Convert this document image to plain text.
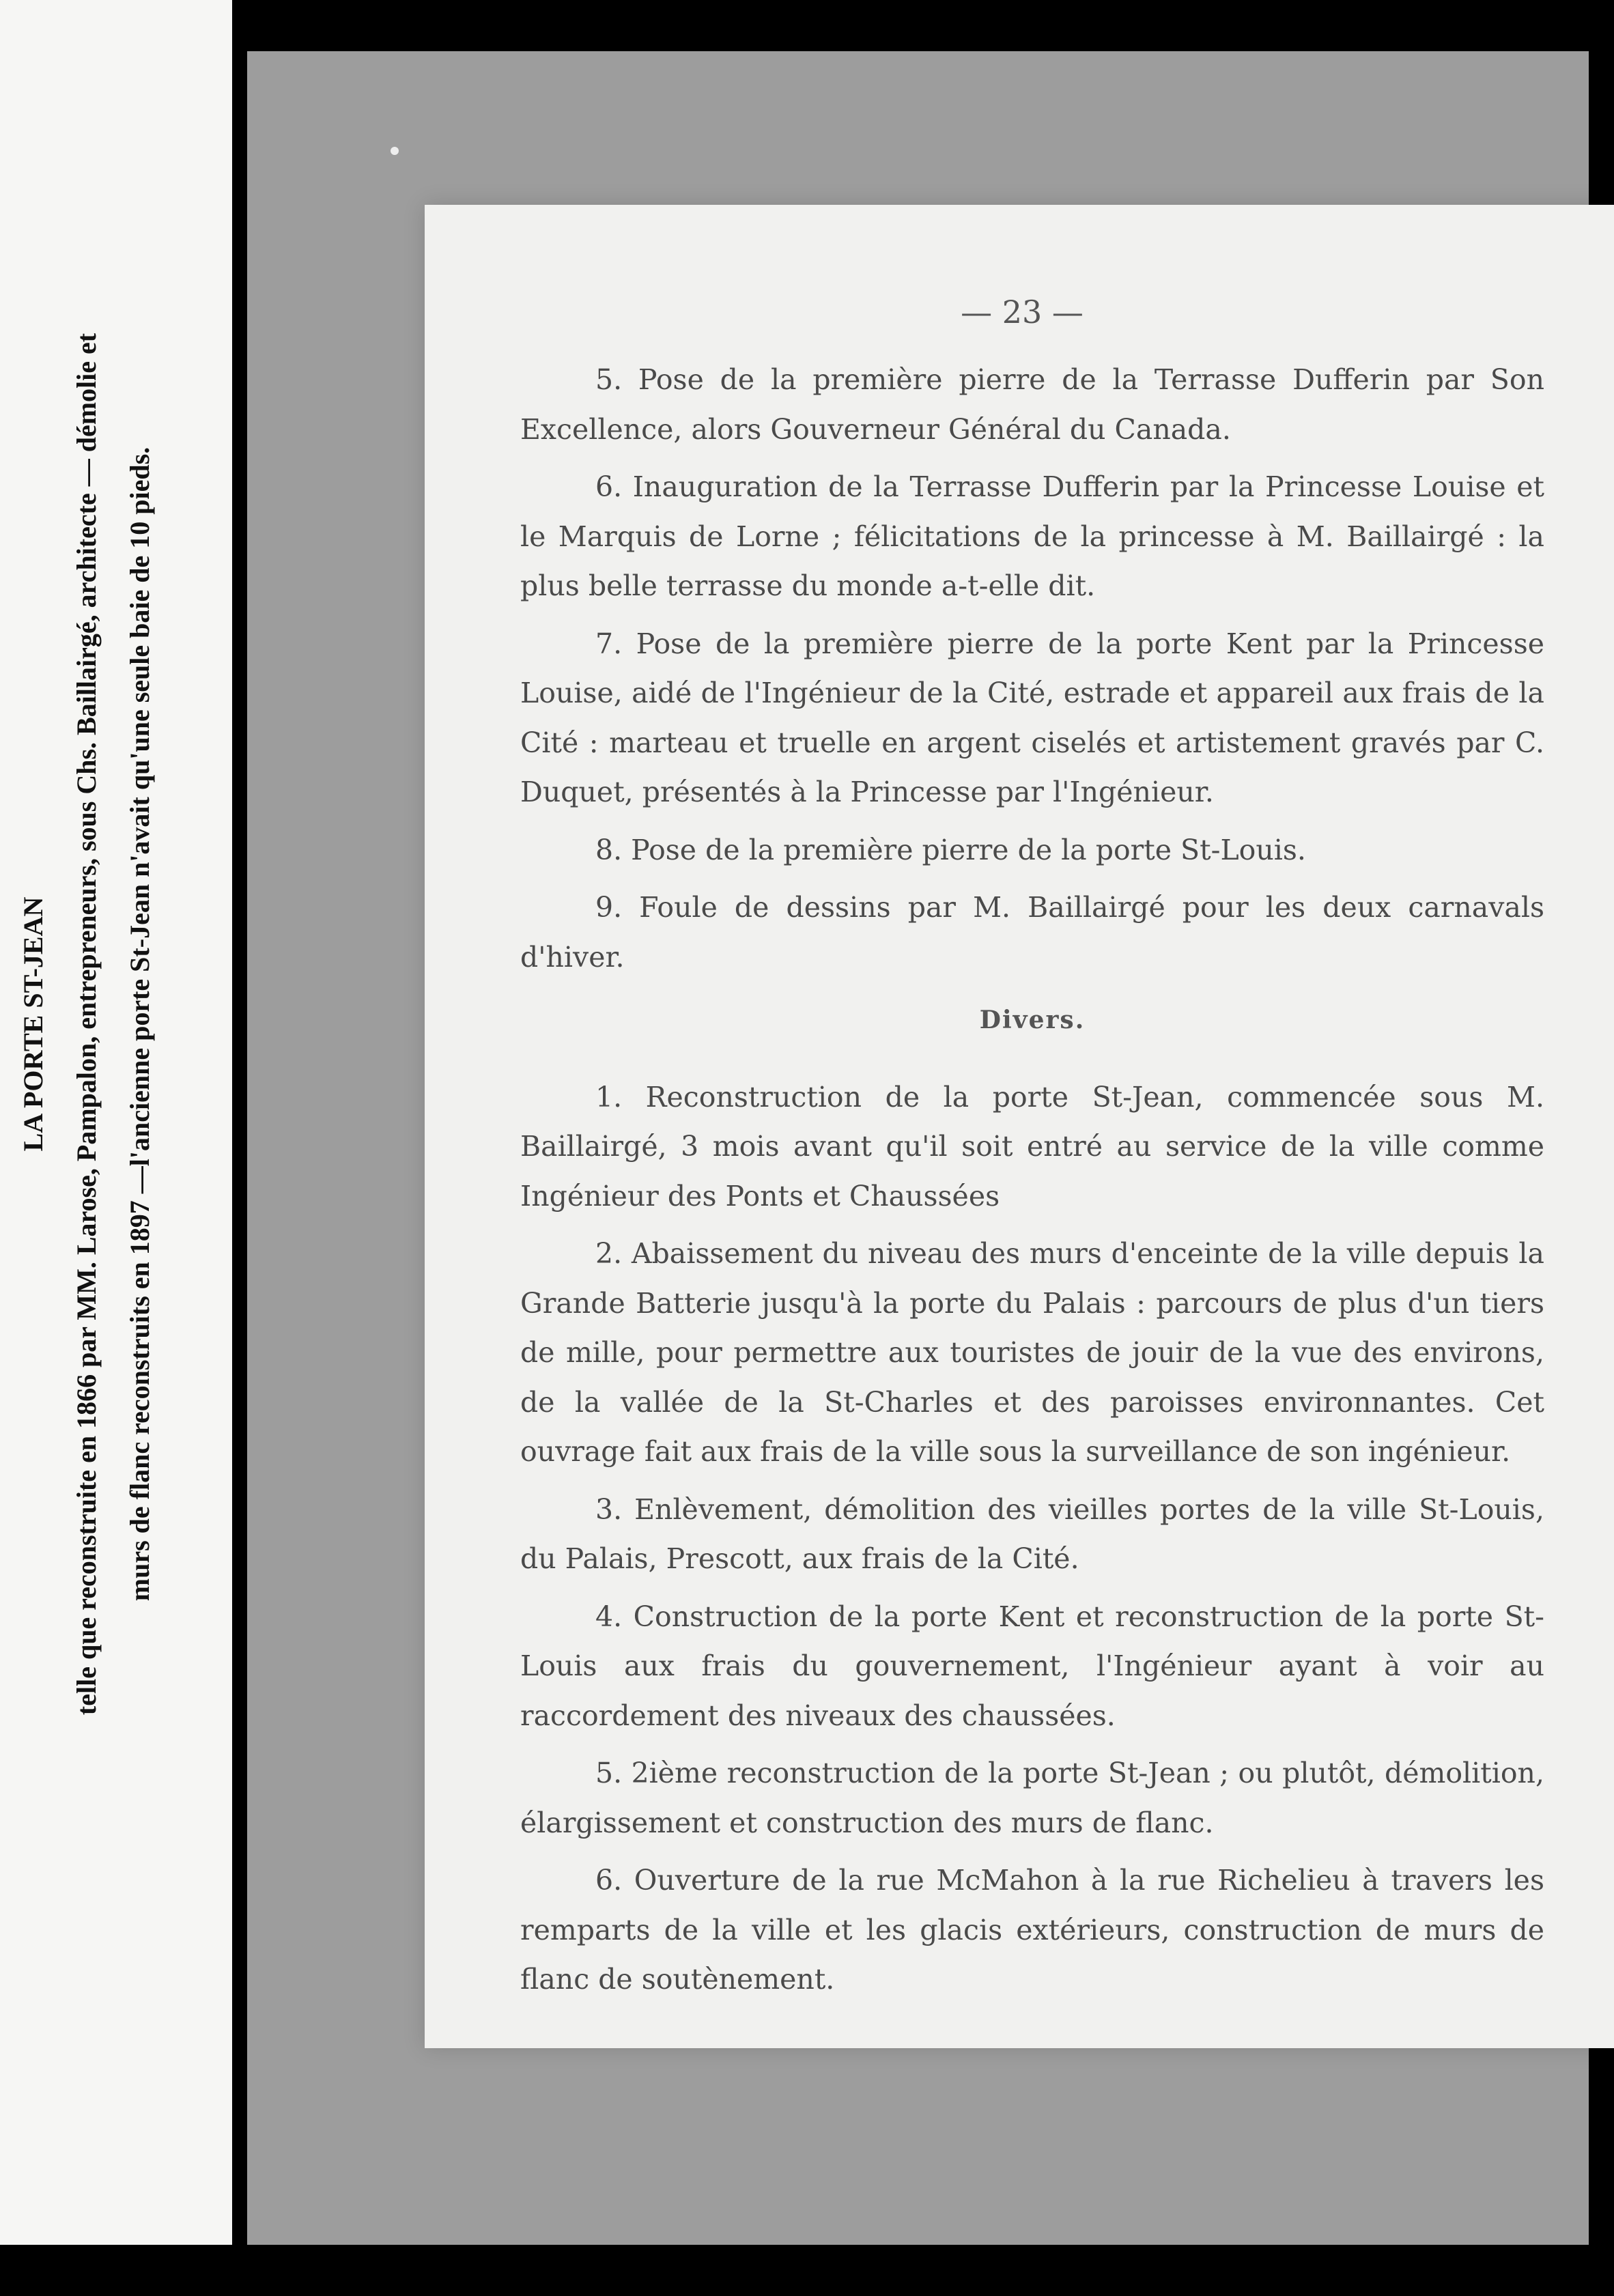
LA PORTE ST-JEAN telle que reconstruite en 1866 par MM. Larose, Pampalon, entrepreneurs, sous Chs. Baillairgé, architecte — démolie et murs de flanc reconstruits en 1897 —l'ancienne porte St-Jean n'avait qu'une seule baie de 10 pieds.
— 23 —

5. Pose de la première pierre de la Terrasse Dufferin par Son Excellence, alors Gouverneur Général du Canada.

6. Inauguration de la Terrasse Dufferin par la Princesse Louise et le Marquis de Lorne ; félicitations de la princesse à M. Baillairgé : la plus belle terrasse du monde a-t-elle dit.

7. Pose de la première pierre de la porte Kent par la Princesse Louise, aidé de l'Ingénieur de la Cité, estrade et appareil aux frais de la Cité : marteau et truelle en argent ciselés et artistement gravés par C. Duquet, présentés à la Princesse par l'Ingénieur.

8. Pose de la première pierre de la porte St-Louis.

9. Foule de dessins par M. Baillairgé pour les deux carnavals d'hiver.

Divers.

1. Reconstruction de la porte St-Jean, commencée sous M. Baillairgé, 3 mois avant qu'il soit entré au service de la ville comme Ingénieur des Ponts et Chaussées

2. Abaissement du niveau des murs d'enceinte de la ville depuis la Grande Batterie jusqu'à la porte du Palais : parcours de plus d'un tiers de mille, pour permettre aux touristes de jouir de la vue des environs, de la vallée de la St-Charles et des paroisses environnantes. Cet ouvrage fait aux frais de la ville sous la surveillance de son ingénieur.

3. Enlèvement, démolition des vieilles portes de la ville St-Louis, du Palais, Prescott, aux frais de la Cité.

4. Construction de la porte Kent et reconstruction de la porte St-Louis aux frais du gouvernement, l'Ingénieur ayant à voir au raccordement des niveaux des chaussées.

5. 2ième reconstruction de la porte St-Jean ; ou plutôt, démolition, élargissement et construction des murs de flanc.

6. Ouverture de la rue McMahon à la rue Richelieu à travers les remparts de la ville et les glacis extérieurs, construction de murs de flanc de soutènement.
